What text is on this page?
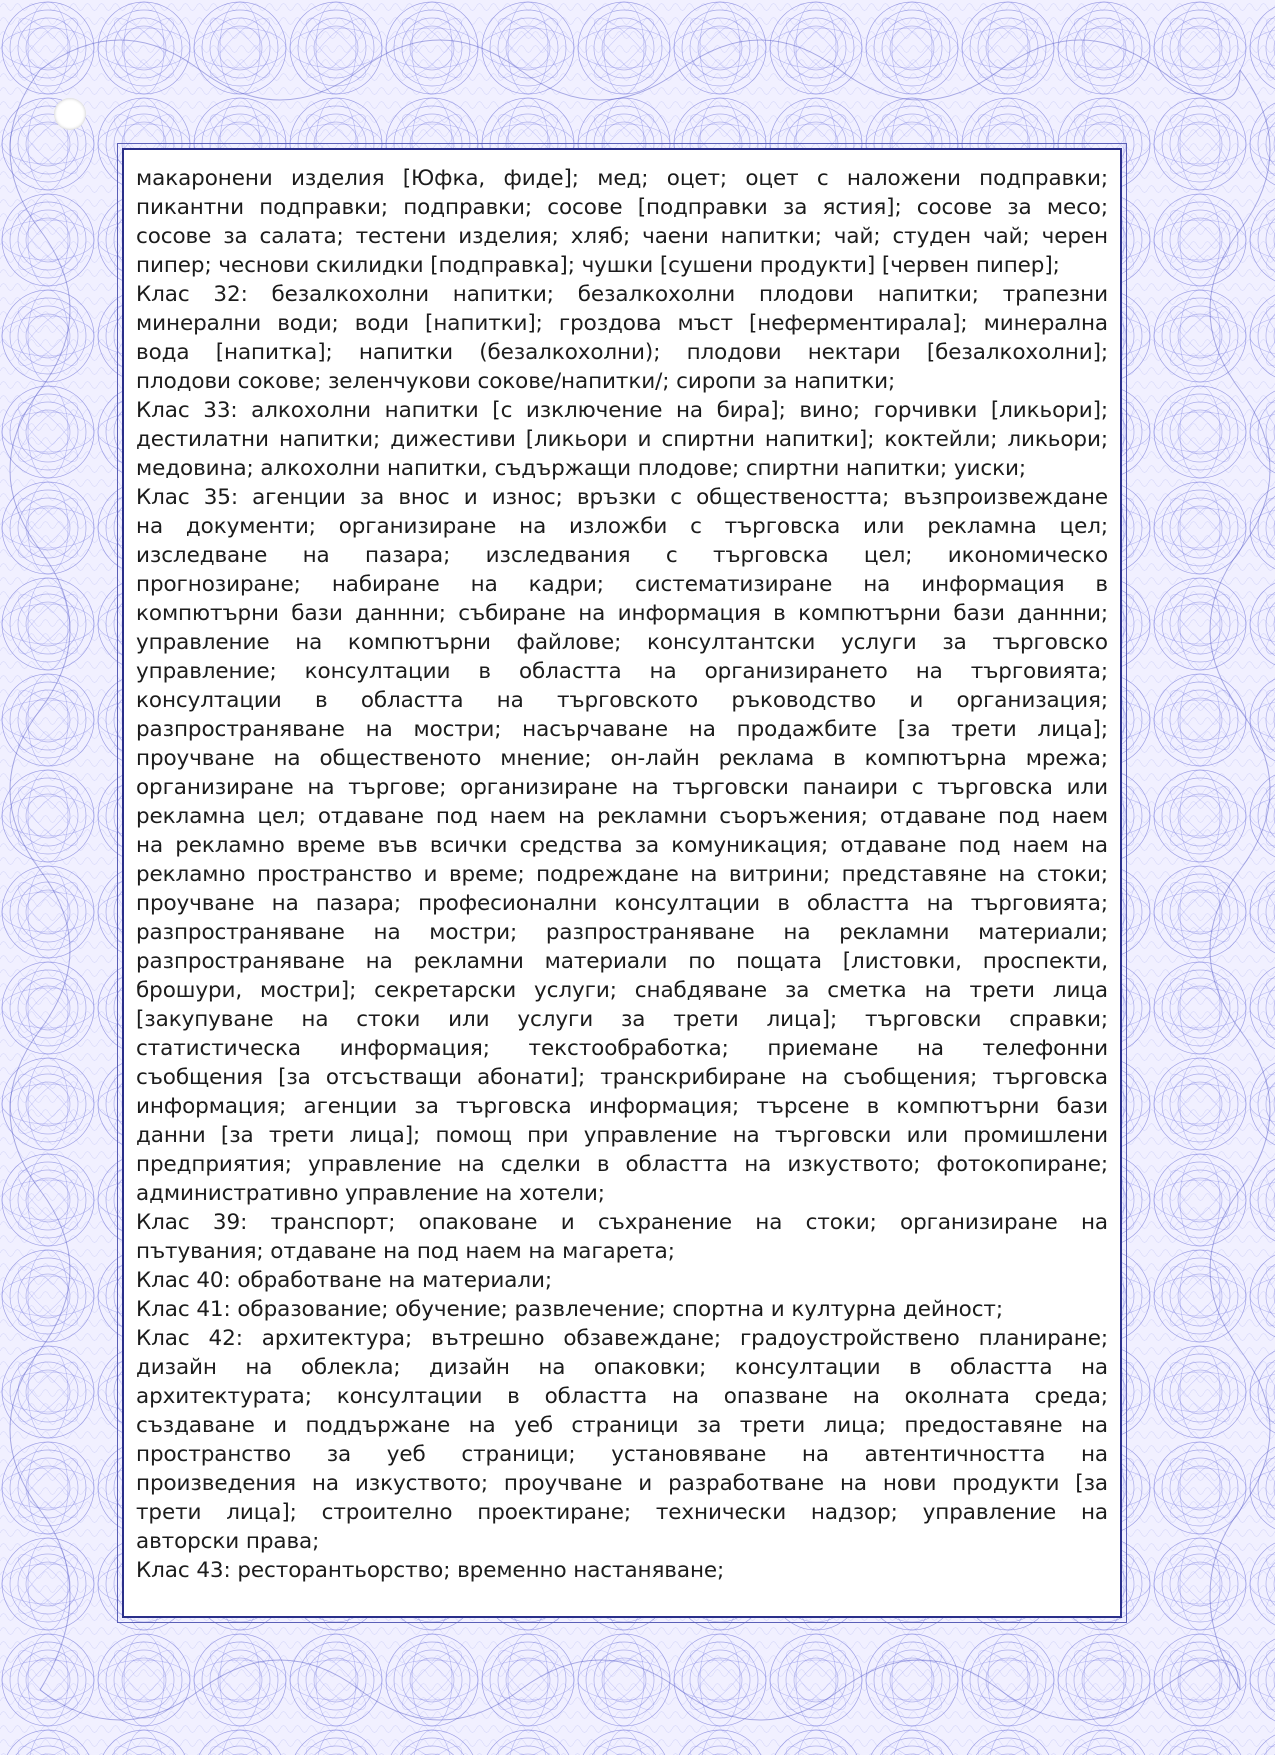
макаронени изделия [Юфка, фиде]; мед; оцет; оцет с наложени подправки;
пикантни подправки; подправки; сосове [подправки за ястия]; сосове за месо;
сосове за салата; тестени изделия; хляб; чаени напитки; чай; студен чай; черен
пипер; чеснови скилидки [подправка]; чушки [сушени продукти] [червен пипер];
Клас 32: безалкохолни напитки; безалкохолни плодови напитки; трапезни
минерални води; води [напитки]; гроздова мъст [неферментирала]; минерална
вода [напитка]; напитки (безалкохолни); плодови нектари [безалкохолни];
плодови сокове; зеленчукови сокове/напитки/; сиропи за напитки;
Клас 33: алкохолни напитки [с изключение на бира]; вино; горчивки [ликьори];
дестилатни напитки; дижестиви [ликьори и спиртни напитки]; коктейли; ликьори;
медовина; алкохолни напитки, съдържащи плодове; спиртни напитки; уиски;
Клас 35: агенции за внос и износ; връзки с обществеността; възпроизвеждане
на документи; организиране на изложби с търговска или рекламна цел;
изследване на пазара; изследвания с търговска цел; икономическо
прогнозиране; набиране на кадри; систематизиране на информация в
компютърни бази даннни; събиране на информация в компютърни бази даннни;
управление на компютърни файлове; консултантски услуги за търговско
управление; консултации в областта на организирането на търговията;
консултации в областта на търговското ръководство и организация;
разпространяване на мостри; насърчаване на продажбите [за трети лица];
проучване на общественото мнение; он-лайн реклама в компютърна мрежа;
организиране на търгове; организиране на търговски панаири с търговска или
рекламна цел; отдаване под наем на рекламни съоръжения; отдаване под наем
на рекламно време във всички средства за комуникация; отдаване под наем на
рекламно пространство и време; подреждане на витрини; представяне на стоки;
проучване на пазара; професионални консултации в областта на търговията;
разпространяване на мостри; разпространяване на рекламни материали;
разпространяване на рекламни материали по пощата [листовки, проспекти,
брошури, мостри]; секретарски услуги; снабдяване за сметка на трети лица
[закупуване на стоки или услуги за трети лица]; търговски справки;
статистическа информация; текстообработка; приемане на телефонни
съобщения [за отсъстващи абонати]; транскрибиране на съобщения; търговска
информация; агенции за търговска информация; търсене в компютърни бази
данни [за трети лица]; помощ при управление на търговски или промишлени
предприятия; управление на сделки в областта на изкуството; фотокопиране;
административно управление на хотели;
Клас 39: транспорт; опаковане и съхранение на стоки; организиране на
пътувания; отдаване на под наем на магарета;
Клас 40: обработване на материали;
Клас 41: образование; обучение; развлечение; спортна и културна дейност;
Клас 42: архитектура; вътрешно обзавеждане; градоустройствено планиране;
дизайн на облекла; дизайн на опаковки; консултации в областта на
архитектурата; консултации в областта на опазване на околната среда;
създаване и поддържане на уеб страници за трети лица; предоставяне на
пространство за уеб страници; установяване на автентичността на
произведения на изкуството; проучване и разработване на нови продукти [за
трети лица]; строително проектиране; технически надзор; управление на
авторски права;
Клас 43: ресторантьорство; временно настаняване;
